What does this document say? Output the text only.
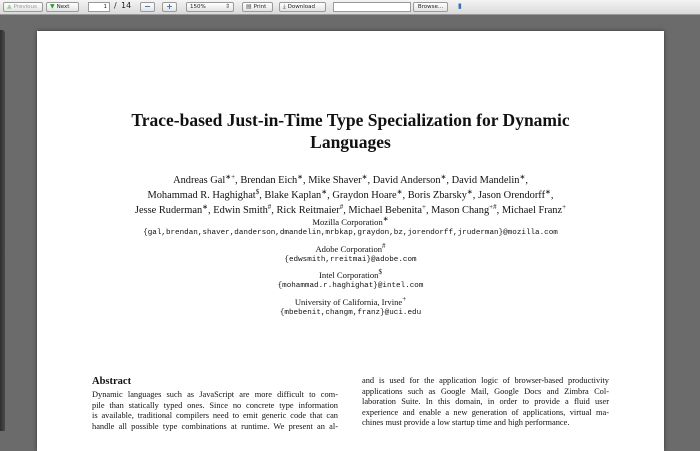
▲ Previous ▼ Next	1 / 14 − +	150%	⇕	▤ Print	⤓ Download	Browse... ▮
Trace-based Just-in-Time Type Specialization for Dynamic
Languages
Andreas Gal∗+, Brendan Eich∗, Mike Shaver∗, David Anderson∗, David Mandelin∗,
Mohammad R. Haghighat$, Blake Kaplan∗, Graydon Hoare∗, Boris Zbarsky∗, Jason Orendorff∗,
Jesse Ruderman∗, Edwin Smith#, Rick Reitmaier#, Michael Bebenita+, Mason Chang+#, Michael Franz+
Mozilla Corporation∗
{gal,brendan,shaver,danderson,dmandelin,mrbkap,graydon,bz,jorendorff,jruderman}@mozilla.com
Adobe Corporation#
{edwsmith,rreitmai}@adobe.com
Intel Corporation$
{mohammad.r.haghighat}@intel.com
University of California, Irvine+
{mbebenit,changm,franz}@uci.edu
Abstract
Dynamic languages such as JavaScript are more difficult to com-
pile than statically typed ones. Since no concrete type information
is available, traditional compilers need to emit generic code that can
handle all possible type combinations at runtime. We present an al-
and is used for the application logic of browser-based productivity
applications such as Google Mail, Google Docs and Zimbra Col-
laboration Suite. In this domain, in order to provide a fluid user
experience and enable a new generation of applications, virtual ma-
chines must provide a low startup time and high performance.
